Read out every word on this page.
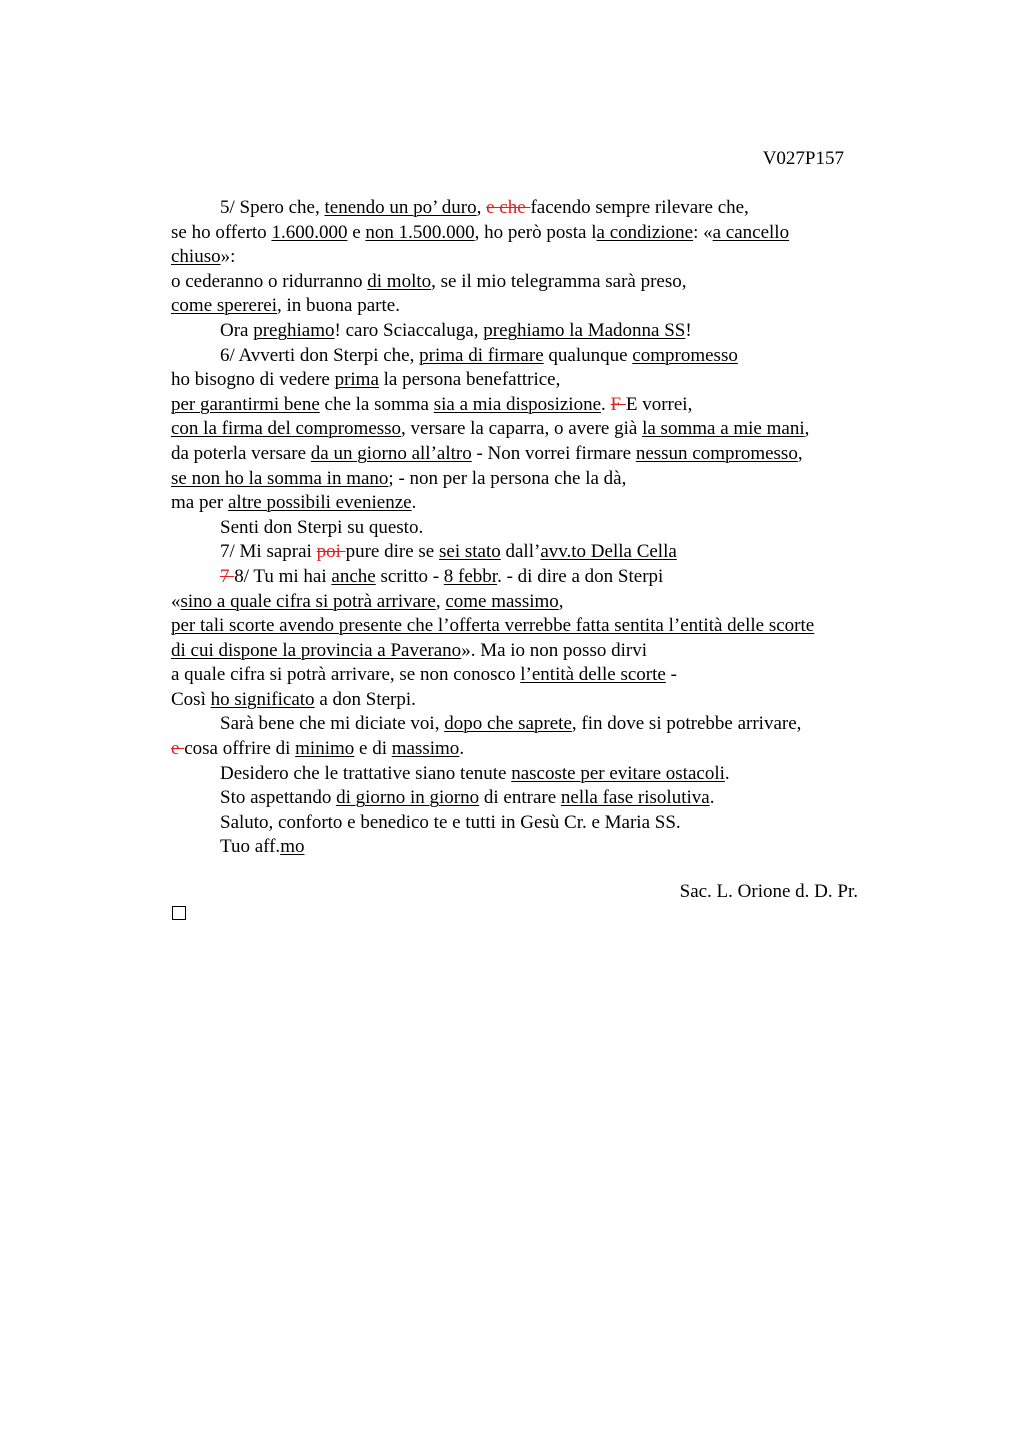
V027P157
5/ Spero che, tenendo un po’ duro, e che facendo sempre rilevare che,
se ho offerto 1.600.000 e non 1.500.000, ho però posta la condizione: «a cancello
chiuso»:
o cederanno o ridurranno di molto, se il mio telegramma sarà preso,
come spererei, in buona parte.
Ora preghiamo! caro Sciaccaluga, preghiamo la Madonna SS!
6/ Avverti don Sterpi che, prima di firmare qualunque compromesso
ho bisogno di vedere prima la persona benefattrice,
per garantirmi bene che la somma sia a mia disposizione. F E vorrei,
con la firma del compromesso, versare la caparra, o avere già la somma a mie mani,
da poterla versare da un giorno all’altro - Non vorrei firmare nessun compromesso,
se non ho la somma in mano; - non per la persona che la dà,
ma per altre possibili evenienze.
Senti don Sterpi su questo.
7/ Mi saprai poi pure dire se sei stato dall’avv.to Della Cella
7 8/ Tu mi hai anche scritto - 8 febbr. - di dire a don Sterpi
«sino a quale cifra si potrà arrivare, come massimo,
per tali scorte avendo presente che l’offerta verrebbe fatta sentita l’entità delle scorte
di cui dispone la provincia a Paverano». Ma io non posso dirvi
a quale cifra si potrà arrivare, se non conosco l’entità delle scorte -
Così ho significato a don Sterpi.
Sarà bene che mi diciate voi, dopo che saprete, fin dove si potrebbe arrivare,
e cosa offrire di minimo e di massimo.
Desidero che le trattative siano tenute nascoste per evitare ostacoli.
Sto aspettando di giorno in giorno di entrare nella fase risolutiva.
Saluto, conforto e benedico te e tutti in Gesù Cr. e Maria SS.
Tuo aff.mo
Sac. L. Orione d. D. Pr.
